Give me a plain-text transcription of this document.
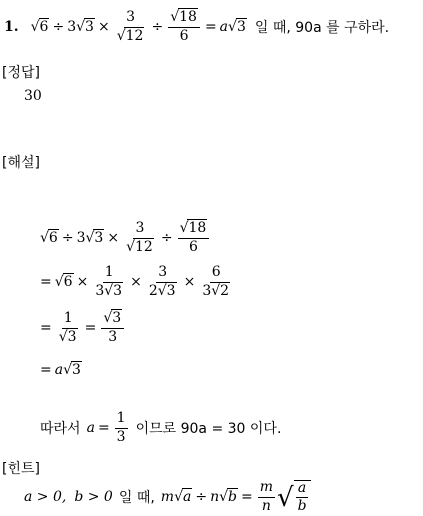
1. √6 ÷ 3 $√3 \times \frac{3}{√12} \div \frac{√18}{6} = a$ √3 일 때, 90a 를 구하라.
[정답]
30
[해설]
√6 ÷ 3 $√3 \times \frac{3}{√12} \div \frac{√18}{6}$
= $√6 \times \frac{1}{3√3} \times \frac{3}{2√3} \times \frac{6}{3√2}$
= $\frac{1}{√3} = \frac{√3}{3}$
= a √3
따라서 $a = \frac{1}{3}$ 이므로 90a = 30 이다.
[힌트]
a > 0, b > 0 일 때, m √a ÷ n $√b = \frac{m}{n}$ √ $\frac{a}{b}$
